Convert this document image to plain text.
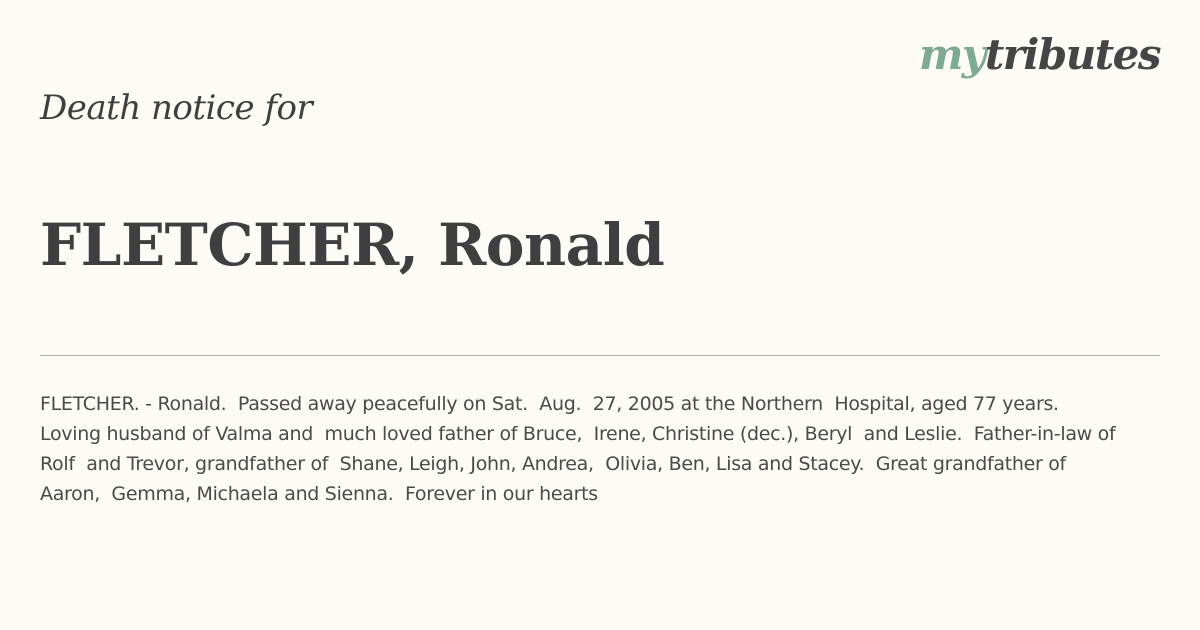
mytributes
Death notice for
FLETCHER, Ronald

FLETCHER. - Ronald.  Passed away peacefully on Sat.  Aug.  27, 2005 at the Northern  Hospital, aged 77 years.  Loving husband of Valma and  much loved father of Bruce,  Irene, Christine (dec.), Beryl  and Leslie.  Father-in-law of Rolf  and Trevor, grandfather of  Shane, Leigh, John, Andrea,  Olivia, Ben, Lisa and Stacey.  Great grandfather of Aaron,  Gemma, Michaela and Sienna.  Forever in our hearts
